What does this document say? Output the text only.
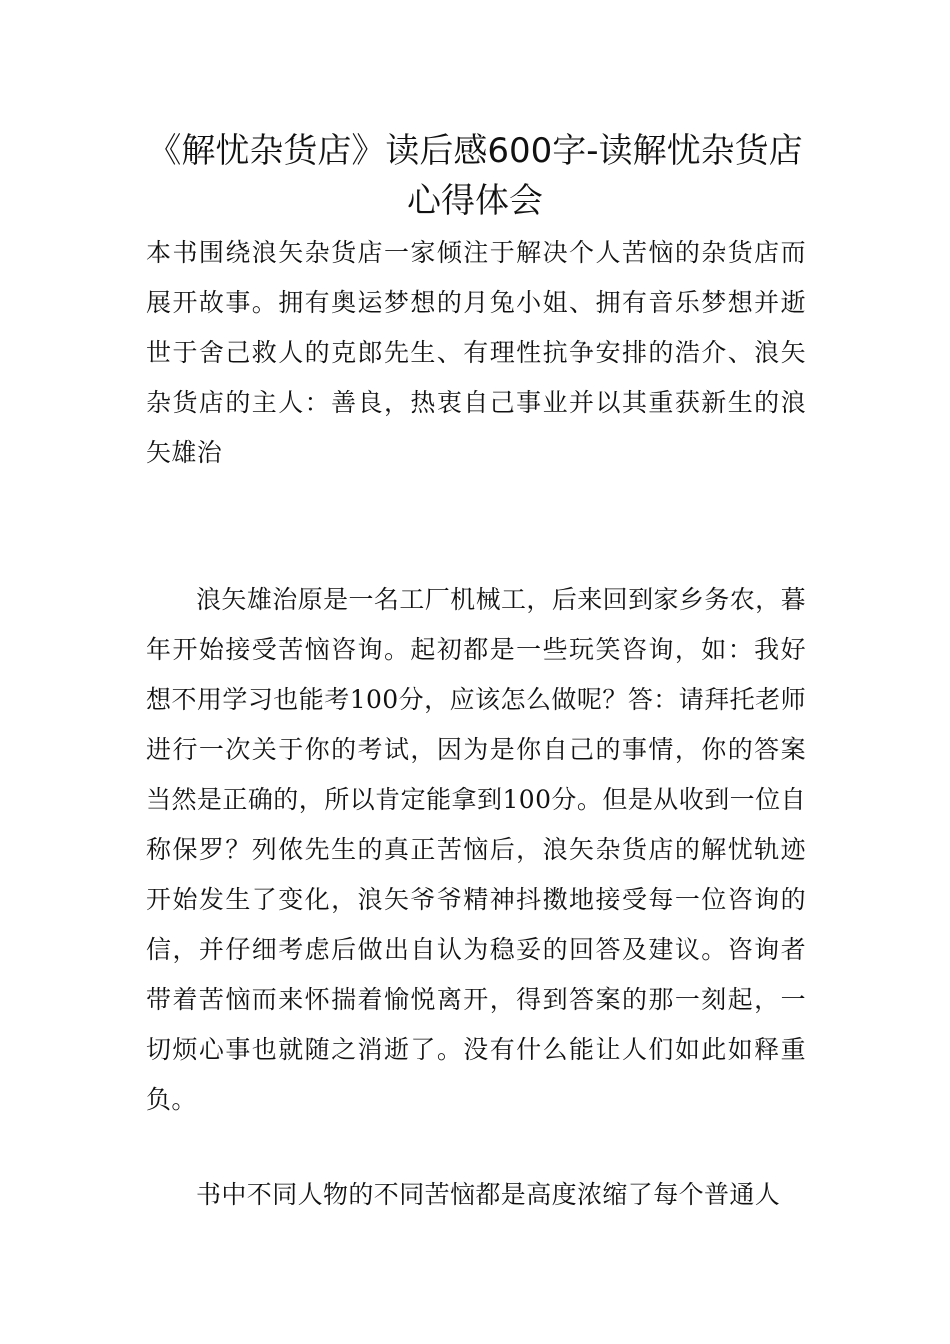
《解忧杂货店》读后感600字-读解忧杂货店心得体会

本书围绕浪矢杂货店一家倾注于解决个人苦恼的杂货店而展开故事。拥有奥运梦想的月兔小姐、拥有音乐梦想并逝世于舍己救人的克郎先生、有理性抗争安排的浩介、浪矢杂货店的主人：善良，热衷自己事业并以其重获新生的浪矢雄治

浪矢雄治原是一名工厂机械工，后来回到家乡务农，暮年开始接受苦恼咨询。起初都是一些玩笑咨询，如：我好想不用学习也能考100分，应该怎么做呢？答：请拜托老师进行一次关于你的考试，因为是你自己的事情，你的答案当然是正确的，所以肯定能拿到100分。但是从收到一位自称保罗？列侬先生的真正苦恼后，浪矢杂货店的解忧轨迹开始发生了变化，浪矢爷爷精神抖擞地接受每一位咨询的信，并仔细考虑后做出自认为稳妥的回答及建议。咨询者带着苦恼而来怀揣着愉悦离开，得到答案的那一刻起，一切烦心事也就随之消逝了。没有什么能让人们如此如释重负。

书中不同人物的不同苦恼都是高度浓缩了每个普通人
